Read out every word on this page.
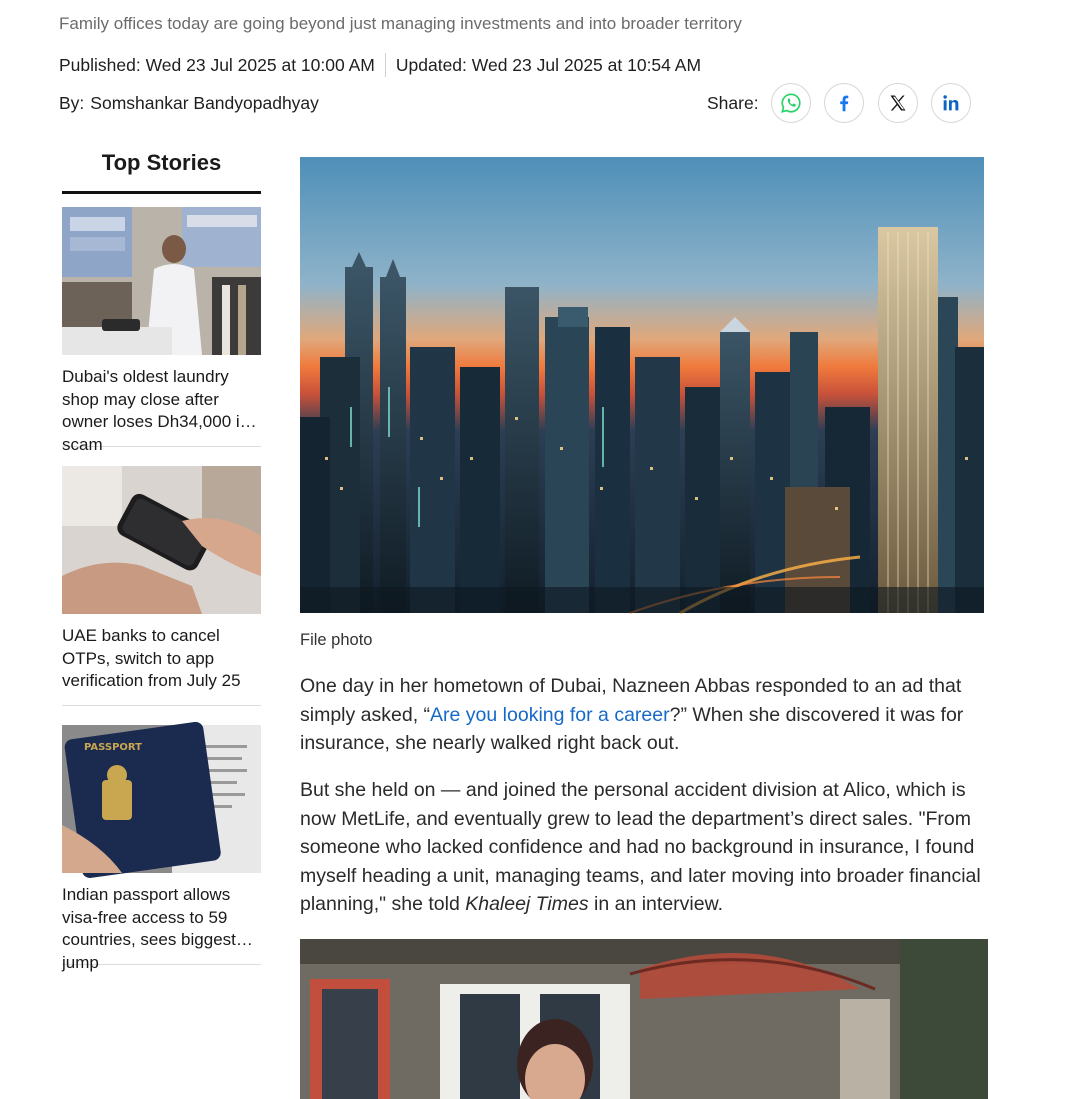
Family offices today are going beyond just managing investments and into broader territory
Published: Wed 23 Jul 2025 at 10:00 AM Updated: Wed 23 Jul 2025 at 10:54 AM
By: Somshankar Bandyopadhyay	Share:
Top Stories
Dubai's oldest laundry shop may close after owner loses Dh34,000 in scam
UAE banks to cancel OTPs, switch to app verification from July 25
PASSPORT
Indian passport allows visa-free access to 59 countries, sees biggest jump
File photo
One day in her hometown of Dubai, Nazneen Abbas responded to an ad that simply asked, “Are you looking for a career?” When she discovered it was for insurance, she nearly walked right back out.
But she held on — and joined the personal accident division at Alico, which is now MetLife, and eventually grew to lead the department’s direct sales. "From someone who lacked confidence and had no background in insurance, I found myself heading a unit, managing teams, and later moving into broader financial planning," she told Khaleej Times in an interview.
